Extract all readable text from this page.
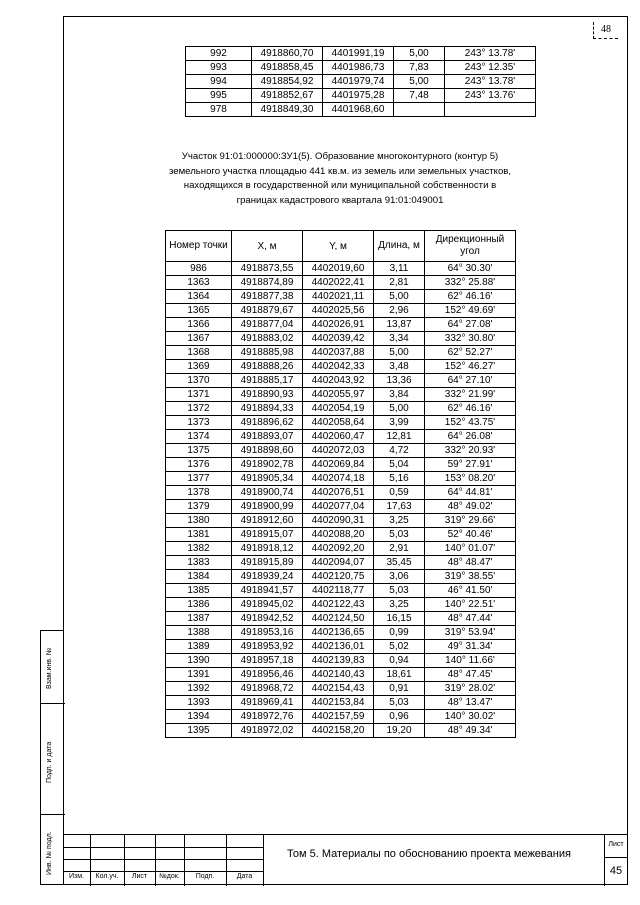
48
Взам.инв. №
Подп. и дата
Инв. № подл.
992	4918860,70	4401991,19	5,00	243° 13.78'
993	4918858,45	4401986,73	7,83	243° 12.35'
994	4918854,92	4401979,74	5,00	243° 13.78'
995	4918852,67	4401975,28	7,48	243° 13.76'
978	4918849,30	4401968,60		
Участок 91:01:000000:ЗУ1(5). Образование многоконтурного (контур 5) земельного участка площадью 441 кв.м. из земель или земельных участков, находящихся в государственной или муниципальной собственности в границах кадастрового квартала 91:01:049001
Номер точки	X, м	Y, м	Длина, м	Дирекционный угол
986	4918873,55	4402019,60	3,11	64° 30.30'
1363	4918874,89	4402022,41	2,81	332° 25.88'
1364	4918877,38	4402021,11	5,00	62° 46.16'
1365	4918879,67	4402025,56	2,96	152° 49.69'
1366	4918877,04	4402026,91	13,87	64° 27.08'
1367	4918883,02	4402039,42	3,34	332° 30.80'
1368	4918885,98	4402037,88	5,00	62° 52.27'
1369	4918888,26	4402042,33	3,48	152° 46.27'
1370	4918885,17	4402043,92	13,36	64° 27.10'
1371	4918890,93	4402055,97	3,84	332° 21.99'
1372	4918894,33	4402054,19	5,00	62° 46.16'
1373	4918896,62	4402058,64	3,99	152° 43.75'
1374	4918893,07	4402060,47	12,81	64° 26.08'
1375	4918898,60	4402072,03	4,72	332° 20.93'
1376	4918902,78	4402069,84	5,04	59° 27.91'
1377	4918905,34	4402074,18	5,16	153° 08.20'
1378	4918900,74	4402076,51	0,59	64° 44.81'
1379	4918900,99	4402077,04	17,63	48° 49.02'
1380	4918912,60	4402090,31	3,25	319° 29.66'
1381	4918915,07	4402088,20	5,03	52° 40.46'
1382	4918918,12	4402092,20	2,91	140° 01.07'
1383	4918915,89	4402094,07	35,45	48° 48.47'
1384	4918939,24	4402120,75	3,06	319° 38.55'
1385	4918941,57	4402118,77	5,03	46° 41.50'
1386	4918945,02	4402122,43	3,25	140° 22.51'
1387	4918942,52	4402124,50	16,15	48° 47.44'
1388	4918953,16	4402136,65	0,99	319° 53.94'
1389	4918953,92	4402136,01	5,02	49° 31.34'
1390	4918957,18	4402139,83	0,94	140° 11.66'
1391	4918956,46	4402140,43	18,61	48° 47.45'
1392	4918968,72	4402154,43	0,91	319° 28.02'
1393	4918969,41	4402153,84	5,03	48° 13.47'
1394	4918972,76	4402157,59	0,96	140° 30.02'
1395	4918972,02	4402158,20	19,20	48° 49.34'
Изм.	Кол.уч.	Лист	№док.	Подп.	Дата
Том 5. Материалы по обоснованию проекта межевания
Лист
45
